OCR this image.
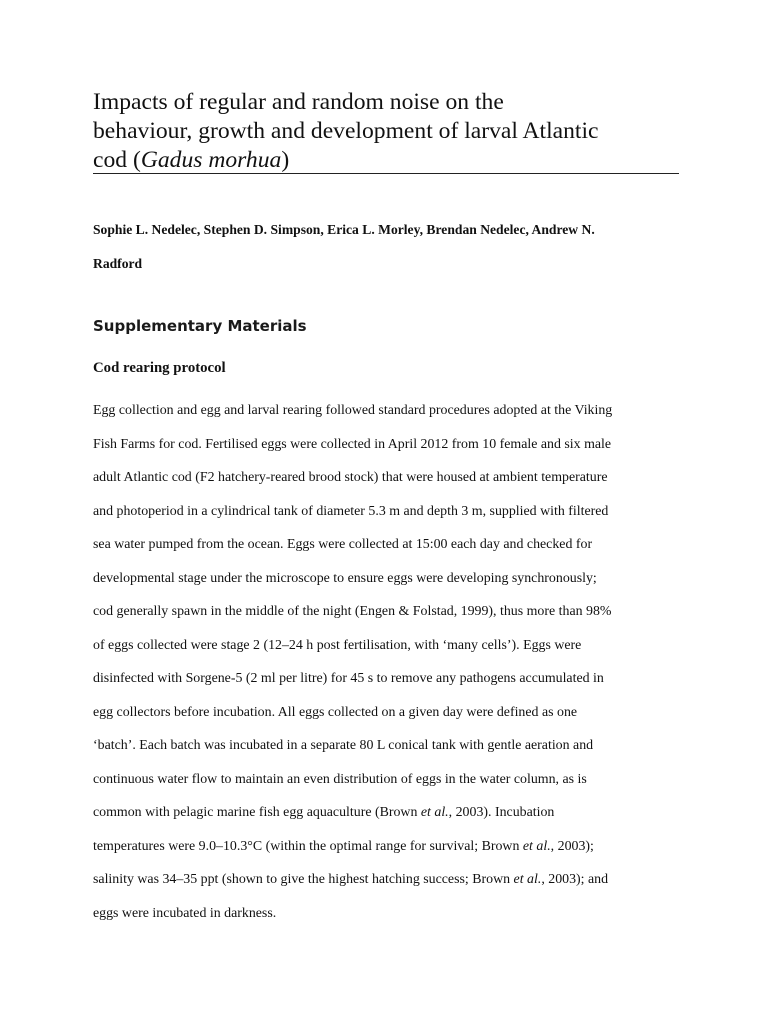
Impacts of regular and random noise on the
behaviour, growth and development of larval Atlantic
cod (Gadus morhua)

Sophie L. Nedelec, Stephen D. Simpson, Erica L. Morley, Brendan Nedelec, Andrew N.
Radford

Supplementary Materials
Cod rearing protocol

Egg collection and egg and larval rearing followed standard procedures adopted at the Viking
Fish Farms for cod. Fertilised eggs were collected in April 2012 from 10 female and six male
adult Atlantic cod (F2 hatchery-reared brood stock) that were housed at ambient temperature
and photoperiod in a cylindrical tank of diameter 5.3 m and depth 3 m, supplied with filtered
sea water pumped from the ocean. Eggs were collected at 15:00 each day and checked for
developmental stage under the microscope to ensure eggs were developing synchronously;
cod generally spawn in the middle of the night (Engen & Folstad, 1999), thus more than 98%
of eggs collected were stage 2 (12–24 h post fertilisation, with ‘many cells’). Eggs were
disinfected with Sorgene-5 (2 ml per litre) for 45 s to remove any pathogens accumulated in
egg collectors before incubation. All eggs collected on a given day were defined as one
‘batch’. Each batch was incubated in a separate 80 L conical tank with gentle aeration and
continuous water flow to maintain an even distribution of eggs in the water column, as is
common with pelagic marine fish egg aquaculture (Brown et al., 2003). Incubation
temperatures were 9.0–10.3°C (within the optimal range for survival; Brown et al., 2003);
salinity was 34–35 ppt (shown to give the highest hatching success; Brown et al., 2003); and
eggs were incubated in darkness.
